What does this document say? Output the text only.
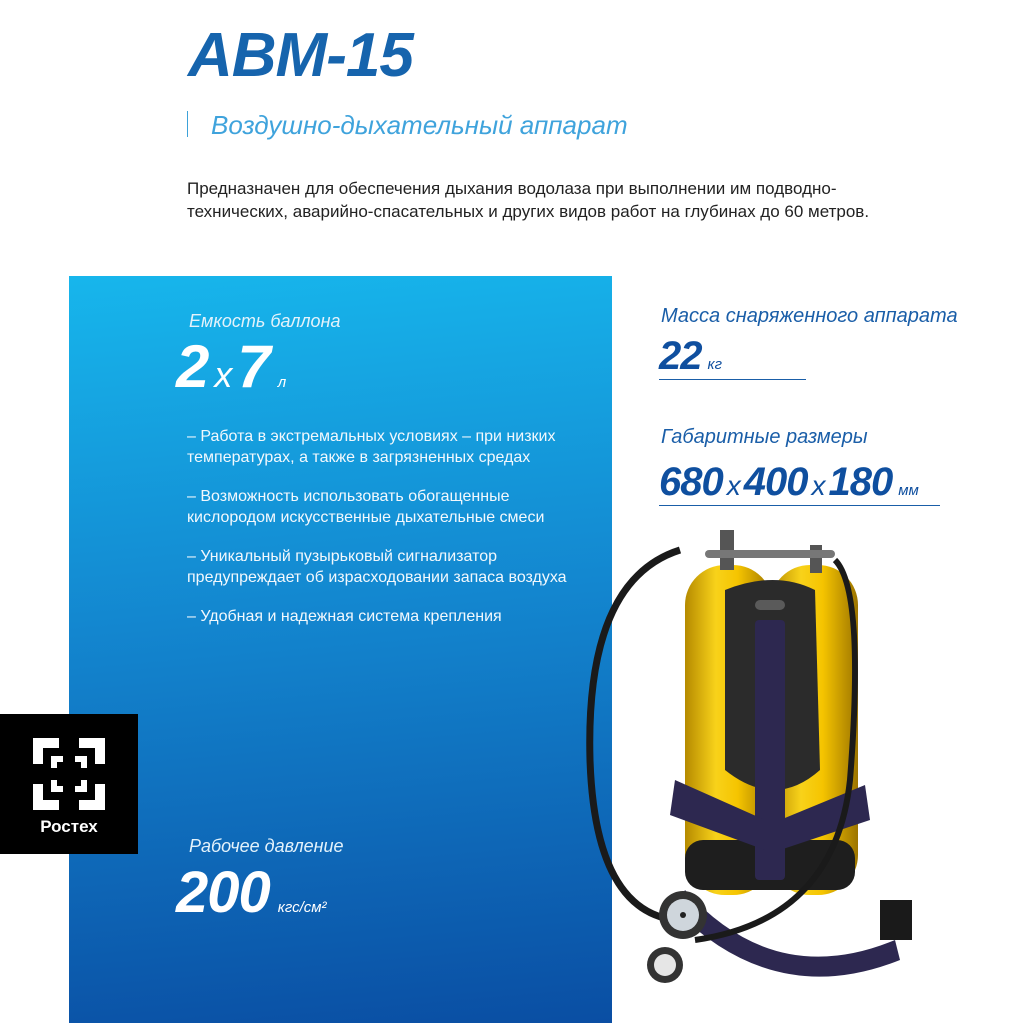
АВМ-15
Воздушно-дыхательный аппарат

Предназначен для обеспечения дыхания водолаза при выполнении им подводно-технических, аварийно-спасательных и других видов работ на глубинах до 60 метров.

Емкость баллона
2 х 7 л
– Работа в экстремальных условиях – при низких температурах, а также в загрязненных средах
– Возможность использовать обогащенные кислородом искусственные дыхательные смеси
– Уникальный пузырьковый сигнализатор предупреждает об израсходовании запаса воздуха
– Удобная и надежная система крепления
Ростех
Рабочее давление
200 кгс/см²
Масса снаряженного аппарата
22 кг
Габаритные размеры
680 х 400 х 180 мм
